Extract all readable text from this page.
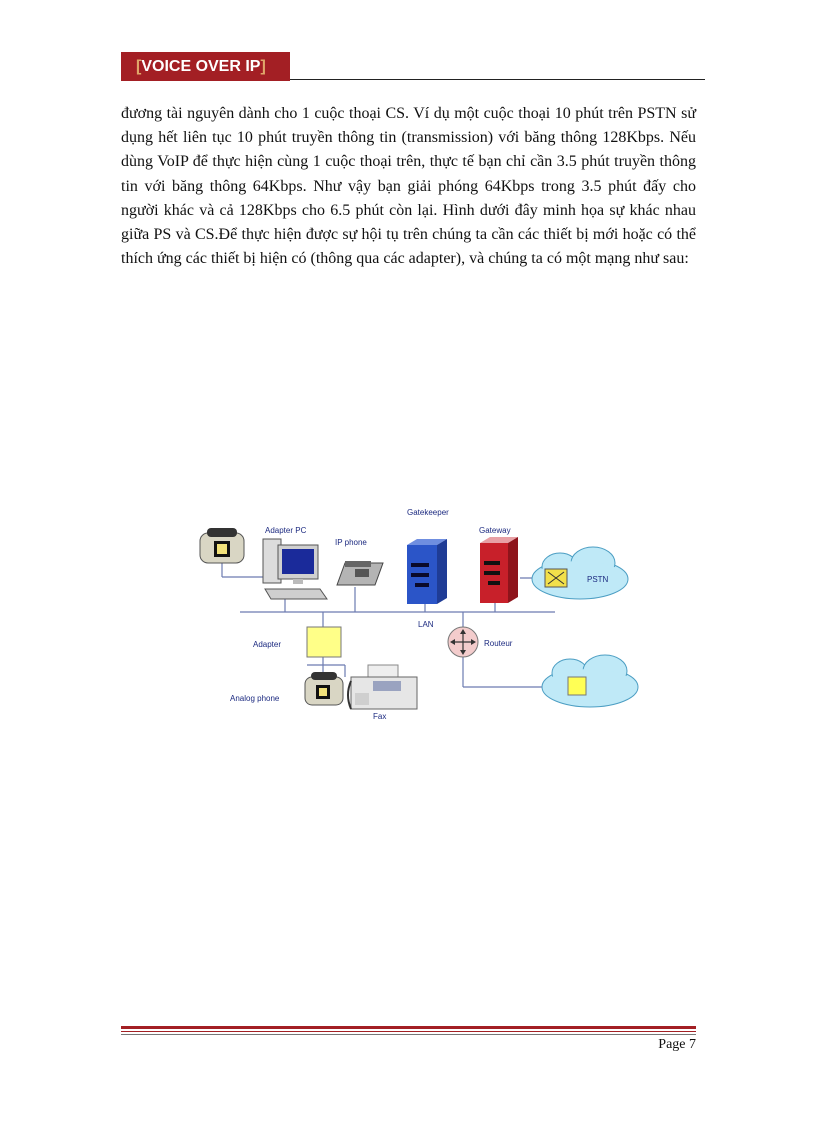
[VOICE OVER IP]

đương tài nguyên dành cho 1 cuộc thoại CS. Ví dụ một cuộc thoại 10 phút trên PSTN sử dụng hết liên tục 10 phút truyền thông tin (transmission) với băng thông 128Kbps. Nếu dùng VoIP để thực hiện cùng 1 cuộc thoại trên, thực tế bạn chỉ cần 3.5 phút truyền thông tin với băng thông 64Kbps. Như vậy bạn giải phóng 64Kbps trong 3.5 phút đấy cho người khác và cả 128Kbps cho 6.5 phút còn lại. Hình dưới đây minh họa sự khác nhau giữa PS và CS.Để thực hiện được sự hội tụ trên chúng ta cần các thiết bị mới hoặc có thể thích ứng các thiết bị hiện có (thông qua các adapter), và chúng ta có một mạng như sau:

Adapter PC
IP phone
Gatekeeper
Gateway
PSTN
LAN
Adapter	Routeur
Analog phone
Fax
Page 7
